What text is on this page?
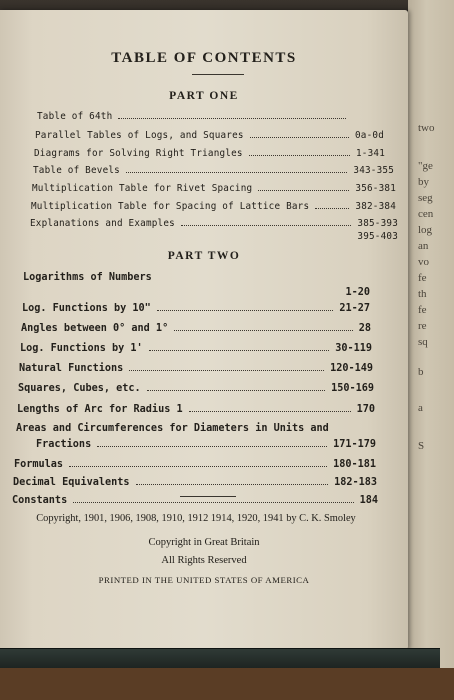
two
"ge
by
seg
cen
log
an
vo
fe
th
fe
re
sq
b
a
S
TABLE OF CONTENTS
PART ONE
Table of 64th
Parallel Tables of Logs, and Squares	0a-0d
Diagrams for Solving Right Triangles	1-341
Table of Bevels	343-355
Multiplication Table for Rivet Spacing	356-381
Multiplication Table for Spacing of Lattice Bars	382-384
Explanations and Examples	385-393
395-403
PART TWO
Logarithms of Numbers
1-20
Log. Functions by 10"	21-27
Angles between 0° and 1°	28
Log. Functions by 1'	30-119
Natural Functions	120-149
Squares, Cubes, etc.	150-169
Lengths of Arc for Radius 1	170
Areas and Circumferences for Diameters in Units and
Fractions	171-179
Formulas	180-181
Decimal Equivalents	182-183
Constants	184
Copyright, 1901, 1906, 1908, 1910, 1912 1914, 1920, 1941 by C. K. Smoley
Copyright in Great Britain
All Rights Reserved
PRINTED IN THE UNITED STATES OF AMERICA
